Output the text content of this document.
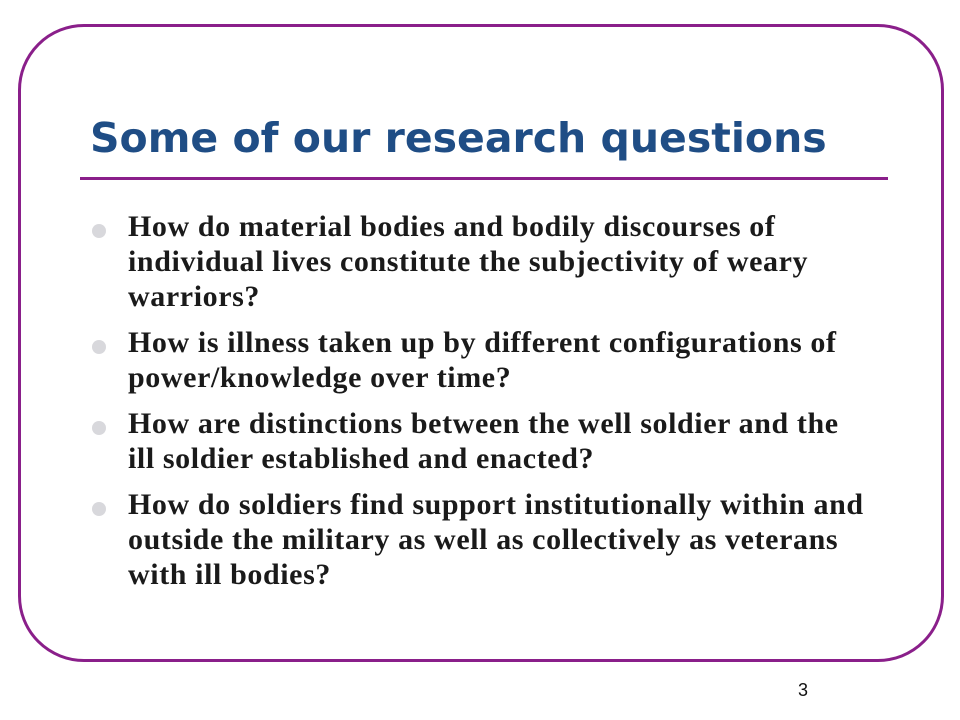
Some of our research questions
How do material bodies and bodily discourses of individual lives constitute the subjectivity of weary warriors?
How is illness taken up by different configurations of power/knowledge over time?
How are distinctions between the well soldier and the ill soldier established and enacted?
How do soldiers find support institutionally within and outside the military as well as collectively as veterans with ill bodies?
3
